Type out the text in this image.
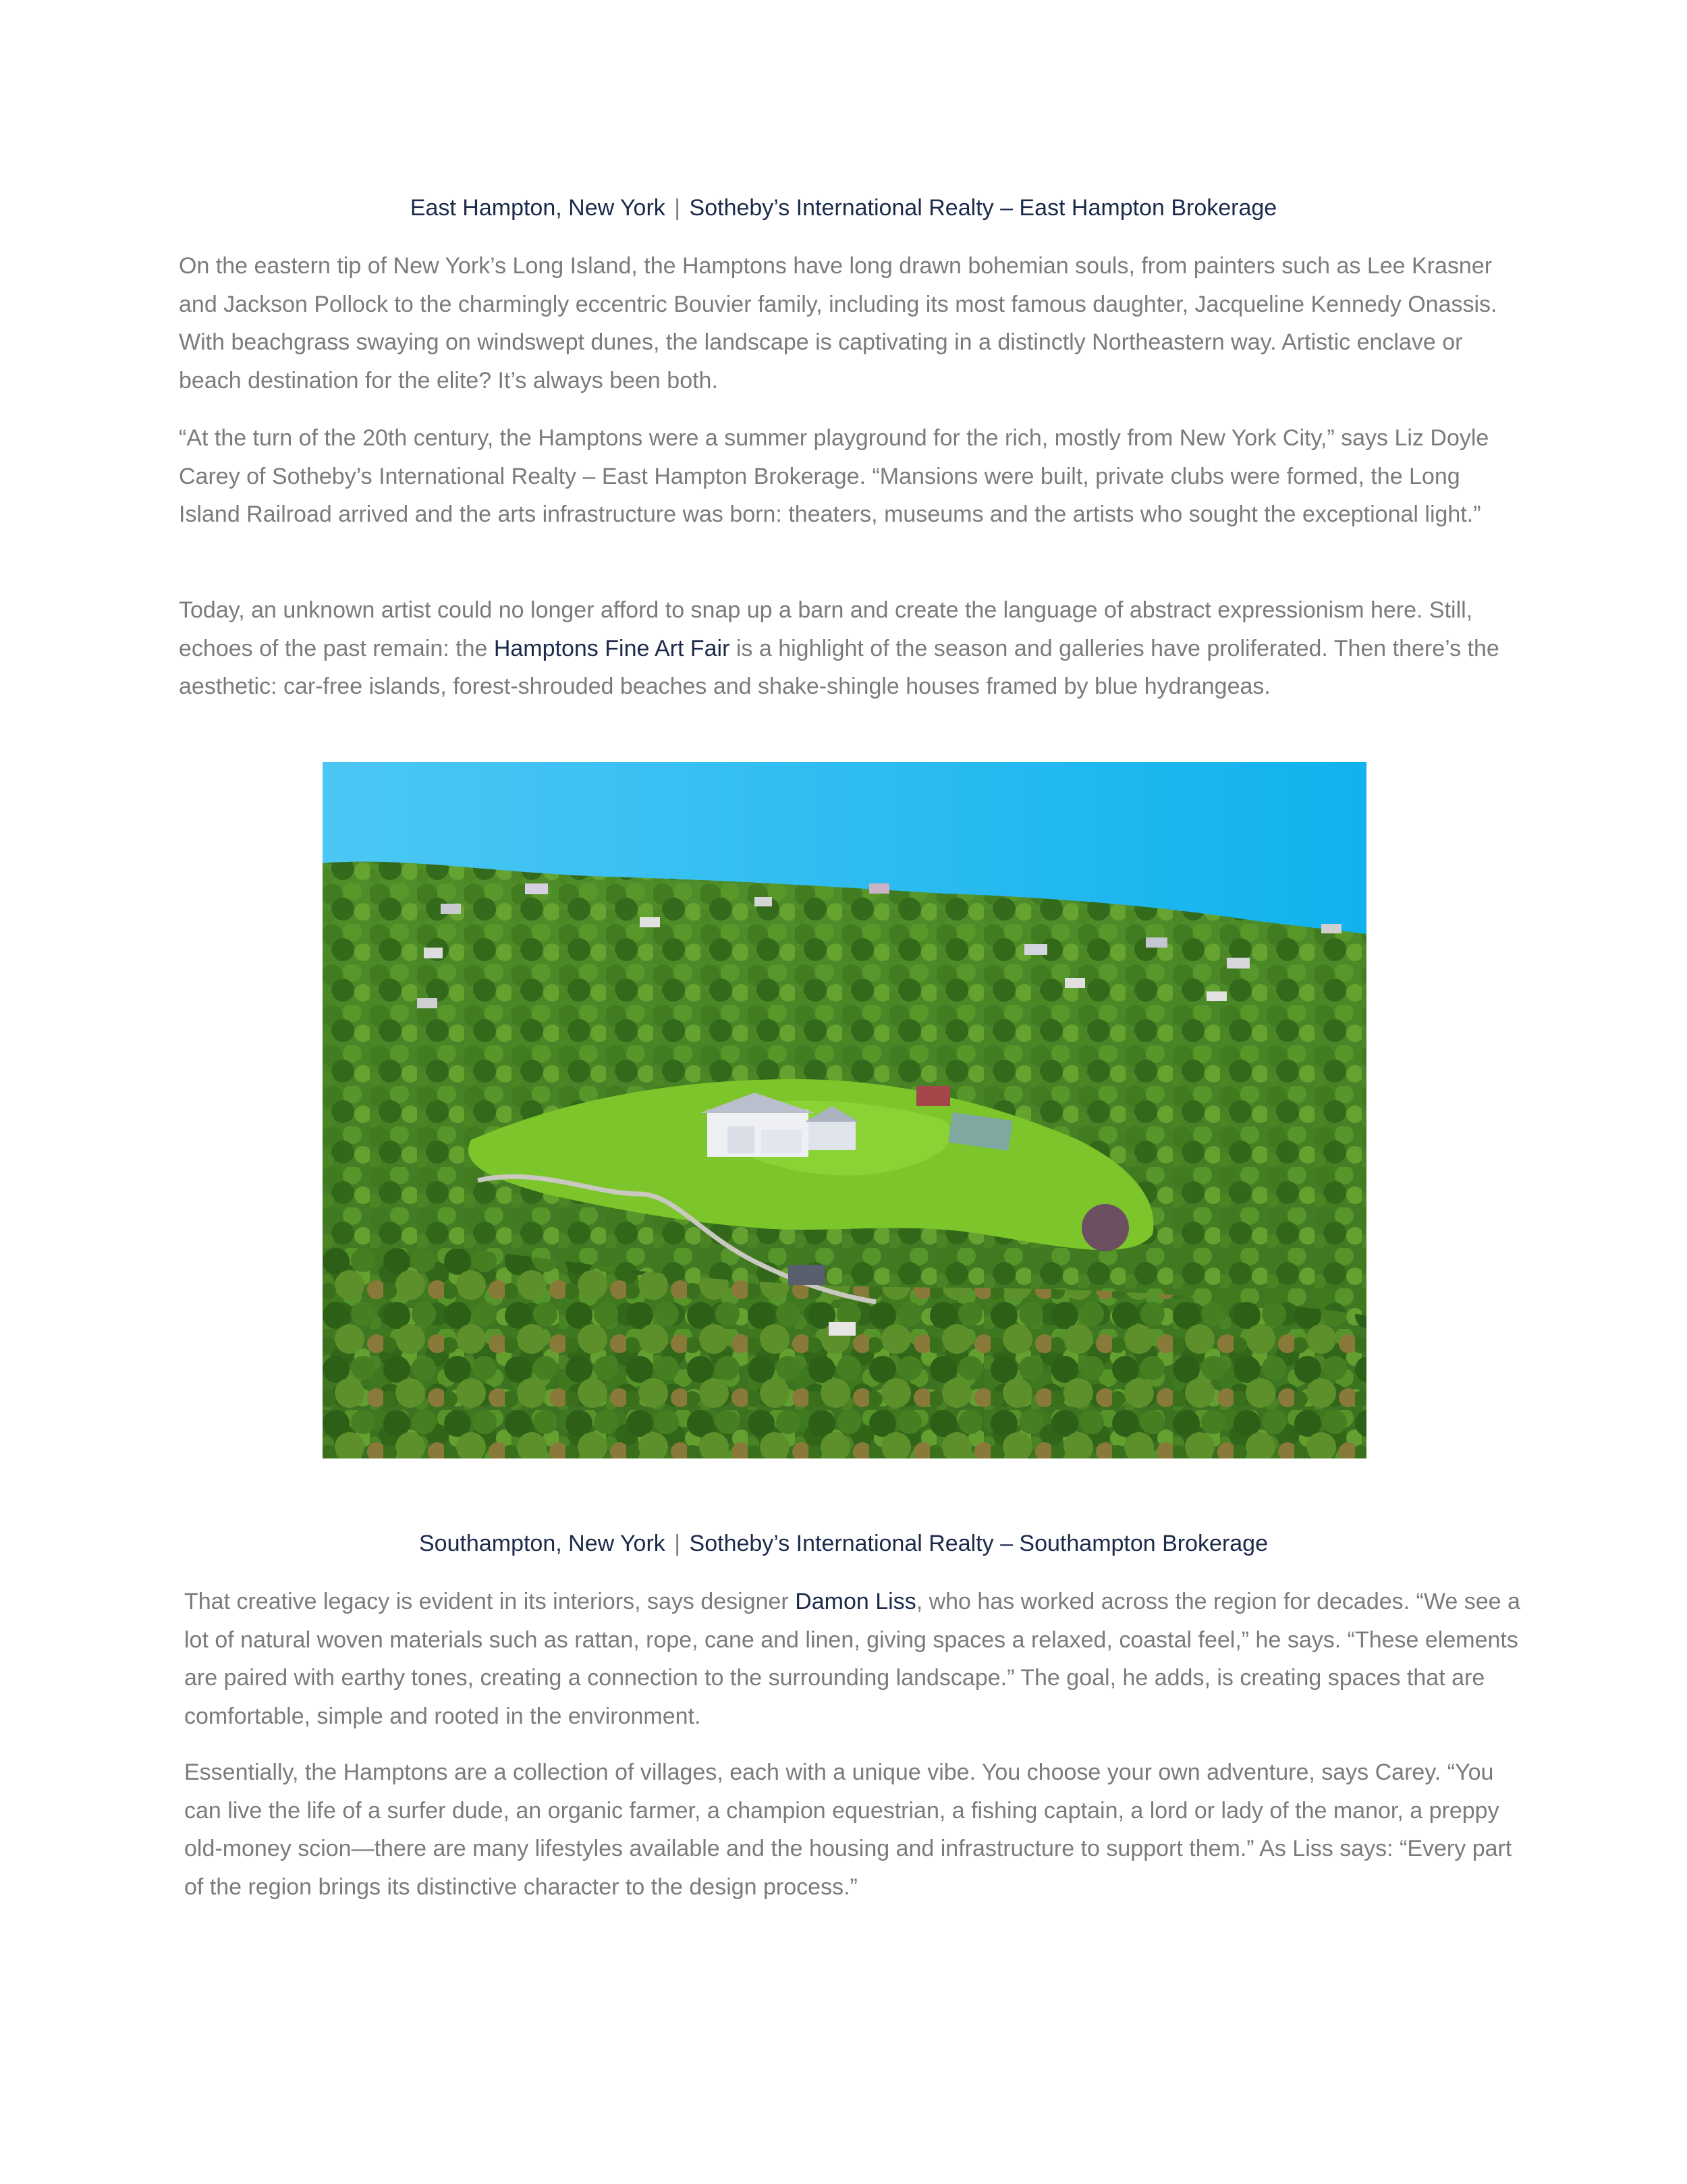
East Hampton, New York | Sotheby’s International Realty – East Hampton Brokerage

On the eastern tip of New York’s Long Island, the Hamptons have long drawn bohemian souls, from painters such as Lee Krasner and Jackson Pollock to the charmingly eccentric Bouvier family, including its most famous daughter, Jacqueline Kennedy Onassis. With beachgrass swaying on windswept dunes, the landscape is captivating in a distinctly Northeastern way. Artistic enclave or beach destination for the elite? It’s always been both.

“At the turn of the 20th century, the Hamptons were a summer playground for the rich, mostly from New York City,” says Liz Doyle Carey of Sotheby’s International Realty – East Hampton Brokerage. “Mansions were built, private clubs were formed, the Long Island Railroad arrived and the arts infrastructure was born: theaters, museums and the artists who sought the exceptional light.”

Today, an unknown artist could no longer afford to snap up a barn and create the language of abstract expressionism here. Still, echoes of the past remain: the Hamptons Fine Art Fair is a highlight of the season and galleries have proliferated. Then there’s the aesthetic: car-free islands, forest-shrouded beaches and shake-shingle houses framed by blue hydrangeas.

Southampton, New York | Sotheby’s International Realty – Southampton Brokerage

That creative legacy is evident in its interiors, says designer Damon Liss, who has worked across the region for decades. “We see a lot of natural woven materials such as rattan, rope, cane and linen, giving spaces a relaxed, coastal feel,” he says. “These elements are paired with earthy tones, creating a connection to the surrounding landscape.” The goal, he adds, is creating spaces that are comfortable, simple and rooted in the environment.

Essentially, the Hamptons are a collection of villages, each with a unique vibe. You choose your own adventure, says Carey. “You can live the life of a surfer dude, an organic farmer, a champion equestrian, a fishing captain, a lord or lady of the manor, a preppy old-money scion—there are many lifestyles available and the housing and infrastructure to support them.” As Liss says: “Every part of the region brings its distinctive character to the design process.”
